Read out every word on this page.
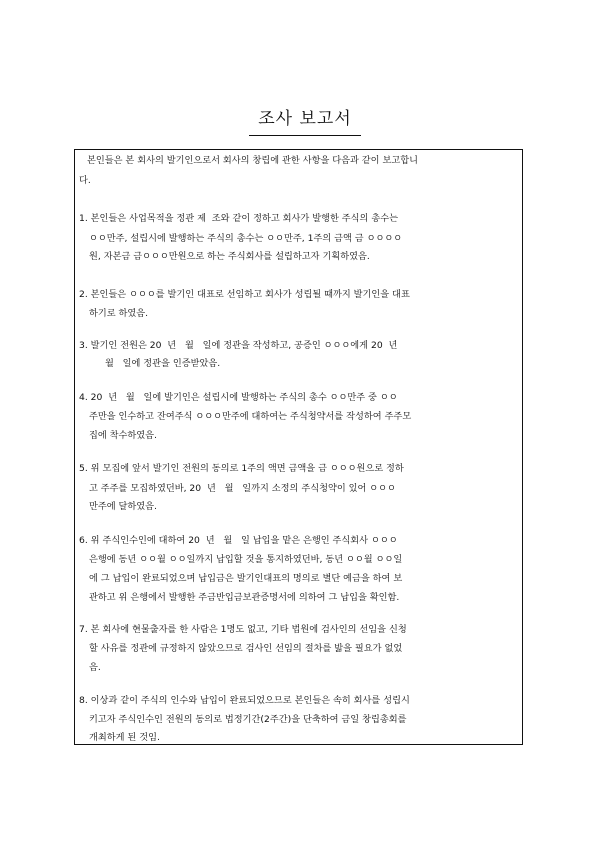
조사 보고서
본인들은 본 회사의 발기인으로서 회사의 창립에 관한 사항을 다음과 같이 보고합니
다.
1. 본인들은 사업목적을 정관 제  조와 같이 정하고 회사가 발행한 주식의 총수는
ㅇㅇ만주, 설립시에 발행하는 주식의 총수는 ㅇㅇ만주, 1주의 금액 금 ㅇㅇㅇㅇ
원, 자본금 금ㅇㅇㅇ만원으로 하는 주식회사를 설립하고자 기획하였음.
2. 본인들은 ㅇㅇㅇ를 발기인 대표로 선임하고 회사가 성립될 때까지 발기인을 대표
하기로 하였음.
3. 발기인 전원은 20  년   월   일에 정관을 작성하고, 공증인 ㅇㅇㅇ에게 20  년
월   일에 정관을 인증받았음.
4. 20  년   월   일에 발기인은 설립시에 발행하는 주식의 총수 ㅇㅇ만주 중 ㅇㅇ
주만을 인수하고 잔여주식 ㅇㅇㅇ만주에 대하여는 주식청약서를 작성하여 주주모
집에 착수하였음.
5. 위 모집에 앞서 발기인 전원의 동의로 1주의 액면 금액을 금 ㅇㅇㅇ원으로 정하
고 주주를 모집하였던바, 20  년   월   일까지 소정의 주식청약이 있어 ㅇㅇㅇ
만주에 달하였음.
6. 위 주식인수인에 대하여 20  년   월   일 납입을 맡은 은행인 주식회사 ㅇㅇㅇ
은행에 동년 ㅇㅇ월 ㅇㅇ일까지 납입할 것을 통지하였던바, 동년 ㅇㅇ월 ㅇㅇ일
에 그 납입이 완료되었으며 납입금은 발기인대표의 명의로 별단 예금을 하여 보
관하고 위 은행에서 발행한 주금반입금보관증명서에 의하여 그 납입을 확인함.
7. 본 회사에 현물출자를 한 사람은 1명도 없고, 기타 법원에 검사인의 선임을 신청
할 사유를 정관에 규정하지 않았으므로 검사인 선임의 절차를 밟을 필요가 없었
음.
8. 이상과 같이 주식의 인수와 납입이 완료되었으므로 본인들은 속히 회사를 성립시
키고자 주식인수인 전원의 동의로 법정기간(2주간)을 단축하여 금일 창립총회를
개최하게 된 것임.
